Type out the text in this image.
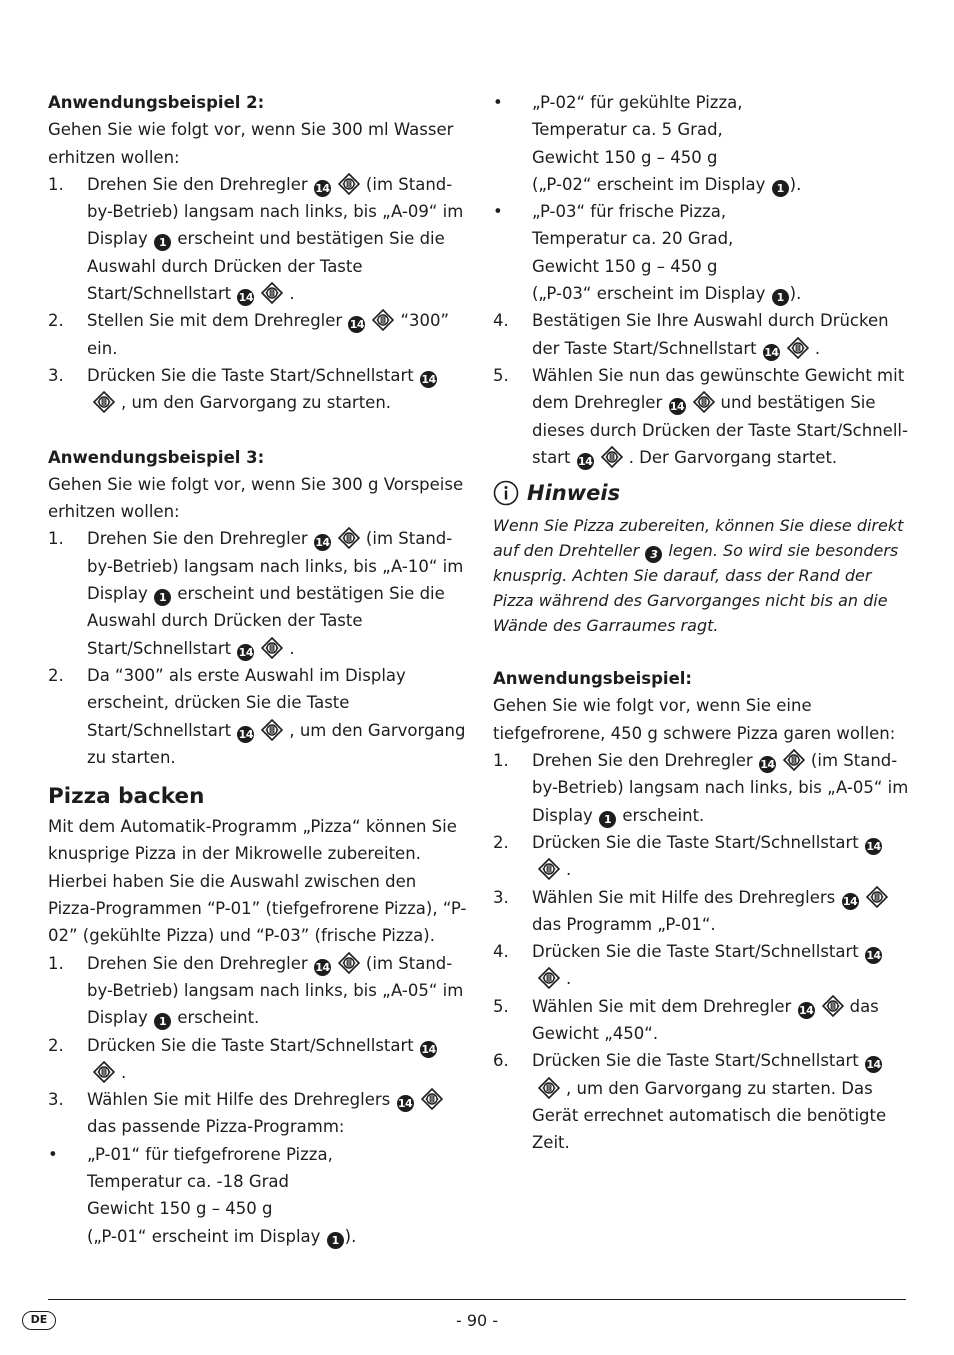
Anwendungsbeispiel 2:

Gehen Sie wie folgt vor, wenn Sie 300 ml Wasser erhitzen wollen:

1. Drehen Sie den Drehregler 14 (im Stand-by-Betrieb) langsam nach links, bis „A-09“ im Display 1 erscheint und bestätigen Sie die Auswahl durch Drücken der Taste Start/Schnellstart 14 .
2. Stellen Sie mit dem Drehregler 14 “300” ein.
3. Drücken Sie die Taste Start/Schnellstart 14, um den Garvorgang zu starten.

Anwendungsbeispiel 3:

Gehen Sie wie folgt vor, wenn Sie 300 g Vorspeise erhitzen wollen:

1. Drehen Sie den Drehregler 14 (im Stand-by-Betrieb) langsam nach links, bis „A-10“ im Display 1 erscheint und bestätigen Sie die Auswahl durch Drücken der Taste Start/Schnellstart 14 .
2. Da “300” als erste Auswahl im Display erscheint, drücken Sie die Taste Start/Schnellstart 14 , um den Garvorgang zu starten.

Pizza backen

Mit dem Automatik-Programm „Pizza“ können Sie knusprige Pizza in der Mikrowelle zubereiten. Hierbei haben Sie die Auswahl zwischen den Pizza-Programmen “P-01” (tiefgefrorene Pizza), “P-02” (gekühlte Pizza) und “P-03” (frische Pizza).

1. Drehen Sie den Drehregler 14 (im Stand-by-Betrieb) langsam nach links, bis „A-05“ im Display 1 erscheint.
2. Drücken Sie die Taste Start/Schnellstart 14.
3. Wählen Sie mit Hilfe des Drehreglers 14das passende Pizza-Programm:
• „P-01“ für tiefgefrorene Pizza,
Temperatur ca. -18 Grad
Gewicht 150 g – 450 g
(„P-01“ erscheint im Display 1 ).
• „P-02“ für gekühlte Pizza,
Temperatur ca. 5 Grad,
Gewicht 150 g – 450 g
(„P-02“ erscheint im Display 1 ).
• „P-03“ für frische Pizza,
Temperatur ca. 20 Grad,
Gewicht 150 g – 450 g
(„P-03“ erscheint im Display 1 ).
4. Bestätigen Sie Ihre Auswahl durch Drücken der Taste Start/Schnellstart 14 .
5. Wählen Sie nun das gewünschte Gewicht mit dem Drehregler 14 und bestätigen Sie dieses durch Drücken der Taste Start/Schnell-start 14 . Der Garvorgang startet.
Hinweis

Wenn Sie Pizza zubereiten, können Sie diese direkt auf den Drehteller 3 legen. So wird sie besonders knusprig. Achten Sie darauf, dass der Rand der Pizza während des Garvorganges nicht bis an die Wände des Garraumes ragt.

Anwendungsbeispiel:

Gehen Sie wie folgt vor, wenn Sie eine tiefgefrorene, 450 g schwere Pizza garen wollen:

1. Drehen Sie den Drehregler 14 (im Stand-by-Betrieb) langsam nach links, bis „A-05“ im Display 1 erscheint.
2. Drücken Sie die Taste Start/Schnellstart 14.
3. Wählen Sie mit Hilfe des Drehreglers 14das Programm „P-01“.
4. Drücken Sie die Taste Start/Schnellstart 14.
5. Wählen Sie mit dem Drehregler 14 das Gewicht „450“.
6. Drücken Sie die Taste Start/Schnellstart 14, um den Garvorgang zu starten. Das Gerät errechnet automatisch die benötigte Zeit.
DE	- 90 -
